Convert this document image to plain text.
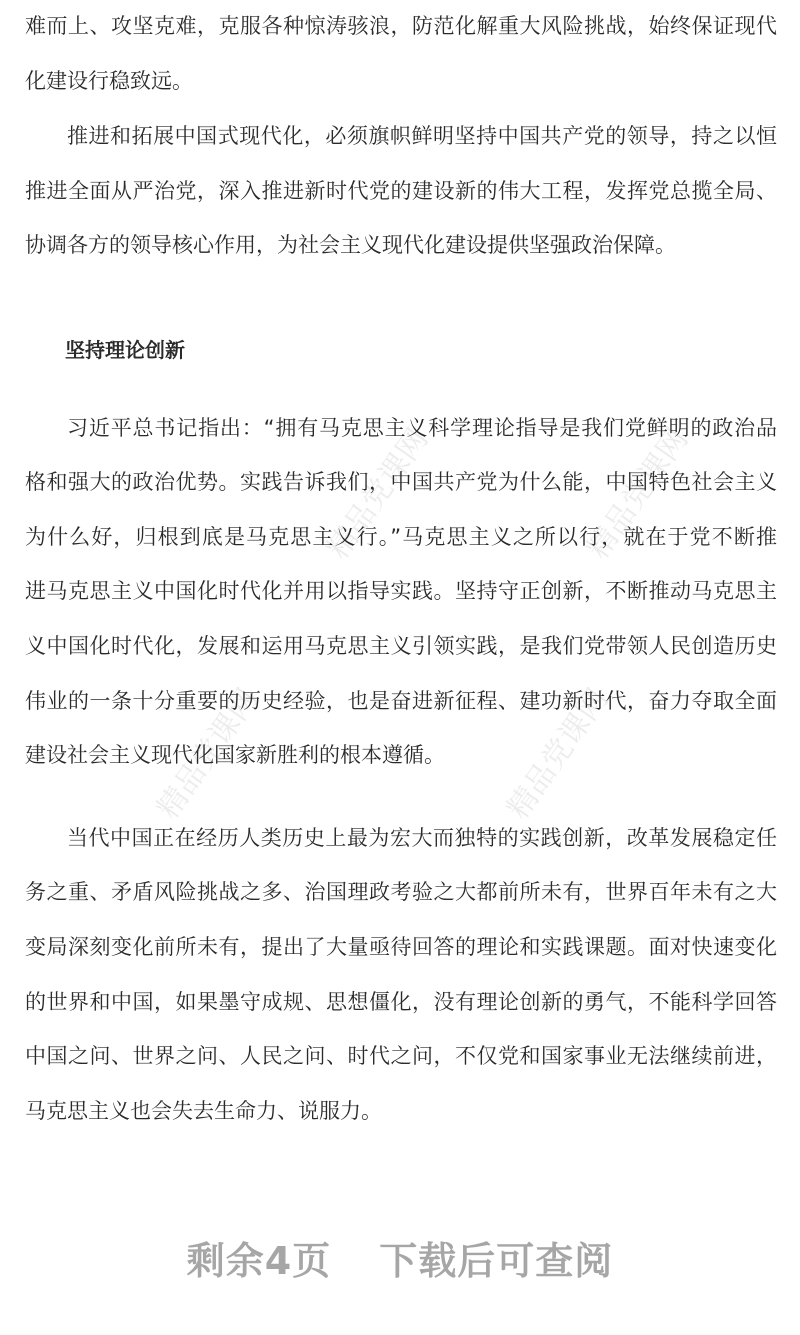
精品党课网	精品党课网
精品党课网	精品党课网
难而上、攻坚克难，克服各种惊涛骇浪，防范化解重大风险挑战，始终保证现代
化建设行稳致远。
推进和拓展中国式现代化，必须旗帜鲜明坚持中国共产党的领导，持之以恒
推进全面从严治党，深入推进新时代党的建设新的伟大工程，发挥党总揽全局、
协调各方的领导核心作用，为社会主义现代化建设提供坚强政治保障。
坚持理论创新
习近平总书记指出：“拥有马克思主义科学理论指导是我们党鲜明的政治品
格和强大的政治优势。实践告诉我们，中国共产党为什么能，中国特色社会主义
为什么好，归根到底是马克思主义行。”马克思主义之所以行，就在于党不断推
进马克思主义中国化时代化并用以指导实践。坚持守正创新，不断推动马克思主
义中国化时代化，发展和运用马克思主义引领实践，是我们党带领人民创造历史
伟业的一条十分重要的历史经验，也是奋进新征程、建功新时代，奋力夺取全面
建设社会主义现代化国家新胜利的根本遵循。
当代中国正在经历人类历史上最为宏大而独特的实践创新，改革发展稳定任
务之重、矛盾风险挑战之多、治国理政考验之大都前所未有，世界百年未有之大
变局深刻变化前所未有，提出了大量亟待回答的理论和实践课题。面对快速变化
的世界和中国，如果墨守成规、思想僵化，没有理论创新的勇气，不能科学回答
中国之问、世界之问、人民之问、时代之问，不仅党和国家事业无法继续前进，
马克思主义也会失去生命力、说服力。
剩余4页 下载后可查阅
